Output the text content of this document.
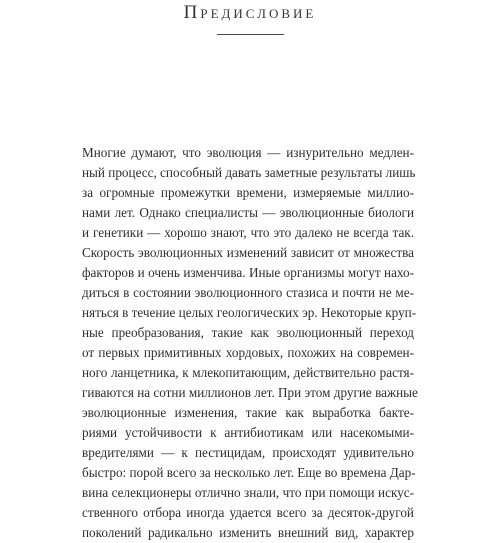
Предисловие
Многие думают, что эволюция — изнурительно медлен-
ный процесс, способный давать заметные результаты лишь
за огромные промежутки времени, измеряемые миллио-
нами лет. Однако специалисты — эволюционные биологи
и генетики — хорошо знают, что это далеко не всегда так.
Скорость эволюционных изменений зависит от множества
факторов и очень изменчива. Иные организмы могут нахо-
диться в состоянии эволюционного стазиса и почти не ме-
няться в течение целых геологических эр. Некоторые круп-
ные преобразования, такие как эволюционный переход
от первых примитивных хордовых, похожих на современ-
ного ланцетника, к млекопитающим, действительно растя-
гиваются на сотни миллионов лет. При этом другие важные
эволюционные изменения, такие как выработка бакте-
риями устойчивости к антибиотикам или насекомыми-
вредителями — к пестицидам, происходят удивительно
быстро: порой всего за несколько лет. Еще во времена Дар-
вина селекционеры отлично знали, что при помощи искус-
ственного отбора иногда удается всего за десяток-другой
поколений радикально изменить внешний вид, характер
